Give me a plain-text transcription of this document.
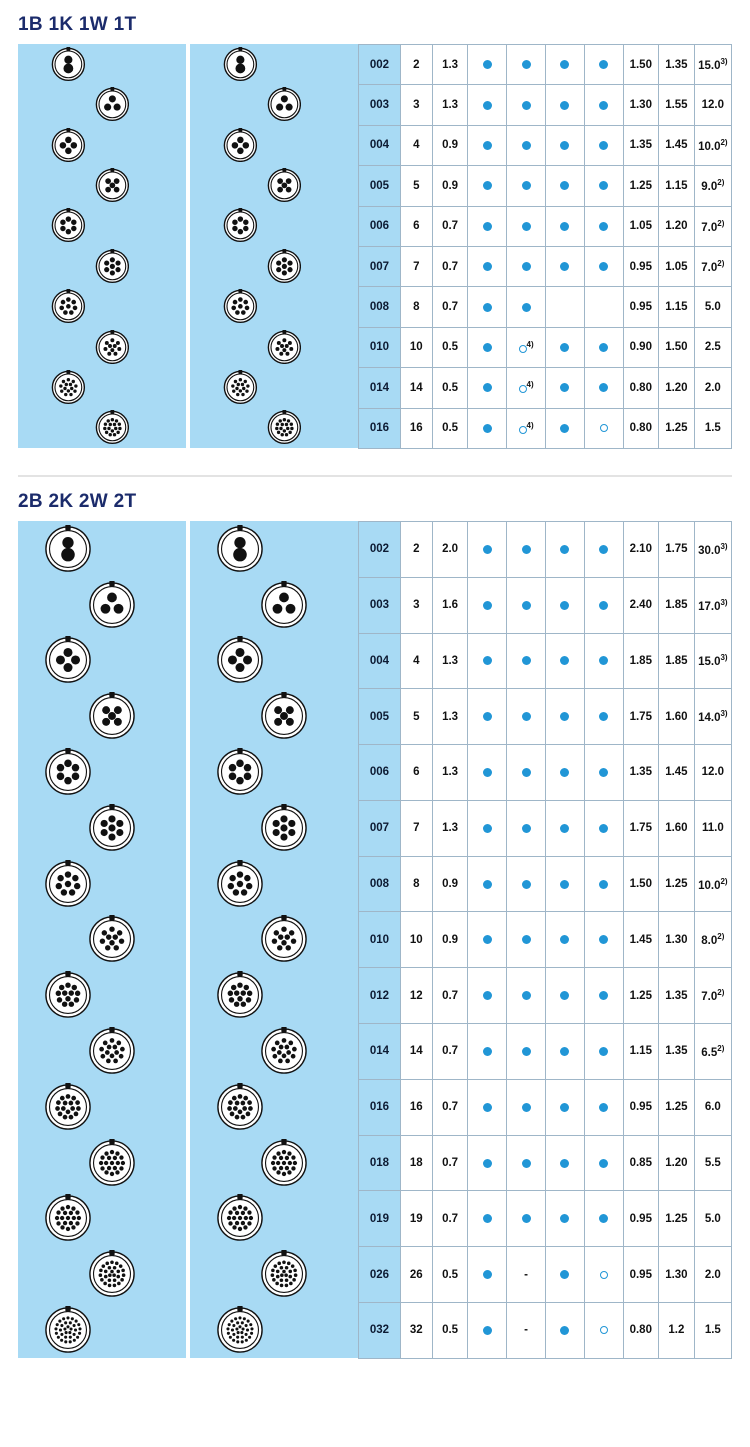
1B 1K 1W 1T
002	2	1.3					1.50	1.35	15.0$^{3)}$
003	3	1.3					1.30	1.55	12.0
004	4	0.9					1.35	1.45	10.0$^{2)}$
005	5	0.9					1.25	1.15	9.0$^{2)}$
006	6	0.7					1.05	1.20	7.0$^{2)}$
007	7	0.7					0.95	1.05	7.0$^{2)}$
008	8	0.7					0.95	1.15	5.0
010	10	0.5		$^{4)}$			0.90	1.50	2.5
014	14	0.5		$^{4)}$			0.80	1.20	2.0
016	16	0.5		$^{4)}$			0.80	1.25	1.5
2B 2K 2W 2T
002	2	2.0					2.10	1.75	30.0$^{3)}$
003	3	1.6					2.40	1.85	17.0$^{3)}$
004	4	1.3					1.85	1.85	15.0$^{3)}$
005	5	1.3					1.75	1.60	14.0$^{3)}$
006	6	1.3					1.35	1.45	12.0
007	7	1.3					1.75	1.60	11.0
008	8	0.9					1.50	1.25	10.0$^{2)}$
010	10	0.9					1.45	1.30	8.0$^{2)}$
012	12	0.7					1.25	1.35	7.0$^{2)}$
014	14	0.7					1.15	1.35	6.5$^{2)}$
016	16	0.7					0.95	1.25	6.0
018	18	0.7					0.85	1.20	5.5
019	19	0.7					0.95	1.25	5.0
026	26	0.5		-			0.95	1.30	2.0
032	32	0.5		-			0.80	1.2	1.5
